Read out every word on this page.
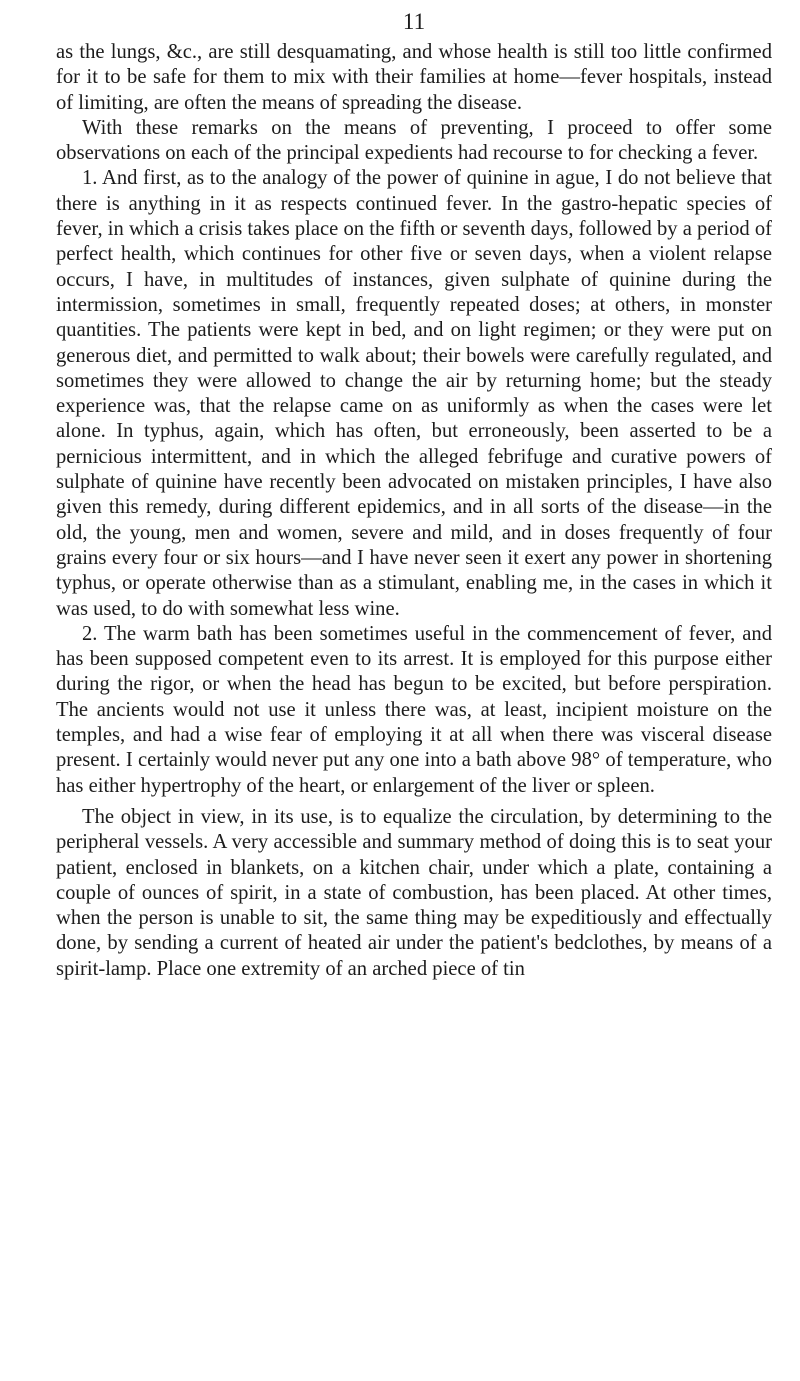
11

as the lungs, &c., are still desquamating, and whose health is still too little confirmed for it to be safe for them to mix with their families at home—fever hospitals, instead of limiting, are often the means of spreading the disease.

With these remarks on the means of preventing, I proceed to offer some observations on each of the principal expedients had recourse to for checking a fever.

1. And first, as to the analogy of the power of quinine in ague, I do not believe that there is anything in it as respects continued fever. In the gastro-hepatic species of fever, in which a crisis takes place on the fifth or seventh days, followed by a period of perfect health, which continues for other five or seven days, when a violent relapse occurs, I have, in multitudes of instances, given sulphate of quinine during the intermission, sometimes in small, frequently repeated doses; at others, in monster quantities. The patients were kept in bed, and on light regimen; or they were put on generous diet, and permitted to walk about; their bowels were carefully regulated, and sometimes they were allowed to change the air by returning home; but the steady experience was, that the relapse came on as uniformly as when the cases were let alone. In typhus, again, which has often, but erroneously, been asserted to be a pernicious intermittent, and in which the alleged febrifuge and curative powers of sulphate of quinine have recently been advocated on mistaken principles, I have also given this remedy, during different epidemics, and in all sorts of the disease—in the old, the young, men and women, severe and mild, and in doses frequently of four grains every four or six hours—and I have never seen it exert any power in shortening typhus, or operate otherwise than as a stimulant, enabling me, in the cases in which it was used, to do with somewhat less wine.

2. The warm bath has been sometimes useful in the commencement of fever, and has been supposed competent even to its arrest. It is employed for this purpose either during the rigor, or when the head has begun to be excited, but before perspiration. The ancients would not use it unless there was, at least, incipient moisture on the temples, and had a wise fear of employing it at all when there was visceral disease present. I certainly would never put any one into a bath above 98° of temperature, who has either hypertrophy of the heart, or enlargement of the liver or spleen.

The object in view, in its use, is to equalize the circulation, by determining to the peripheral vessels. A very accessible and summary method of doing this is to seat your patient, enclosed in blankets, on a kitchen chair, under which a plate, containing a couple of ounces of spirit, in a state of combustion, has been placed. At other times, when the person is unable to sit, the same thing may be expeditiously and effectually done, by sending a current of heated air under the patient's bedclothes, by means of a spirit-lamp. Place one extremity of an arched piece of tin
